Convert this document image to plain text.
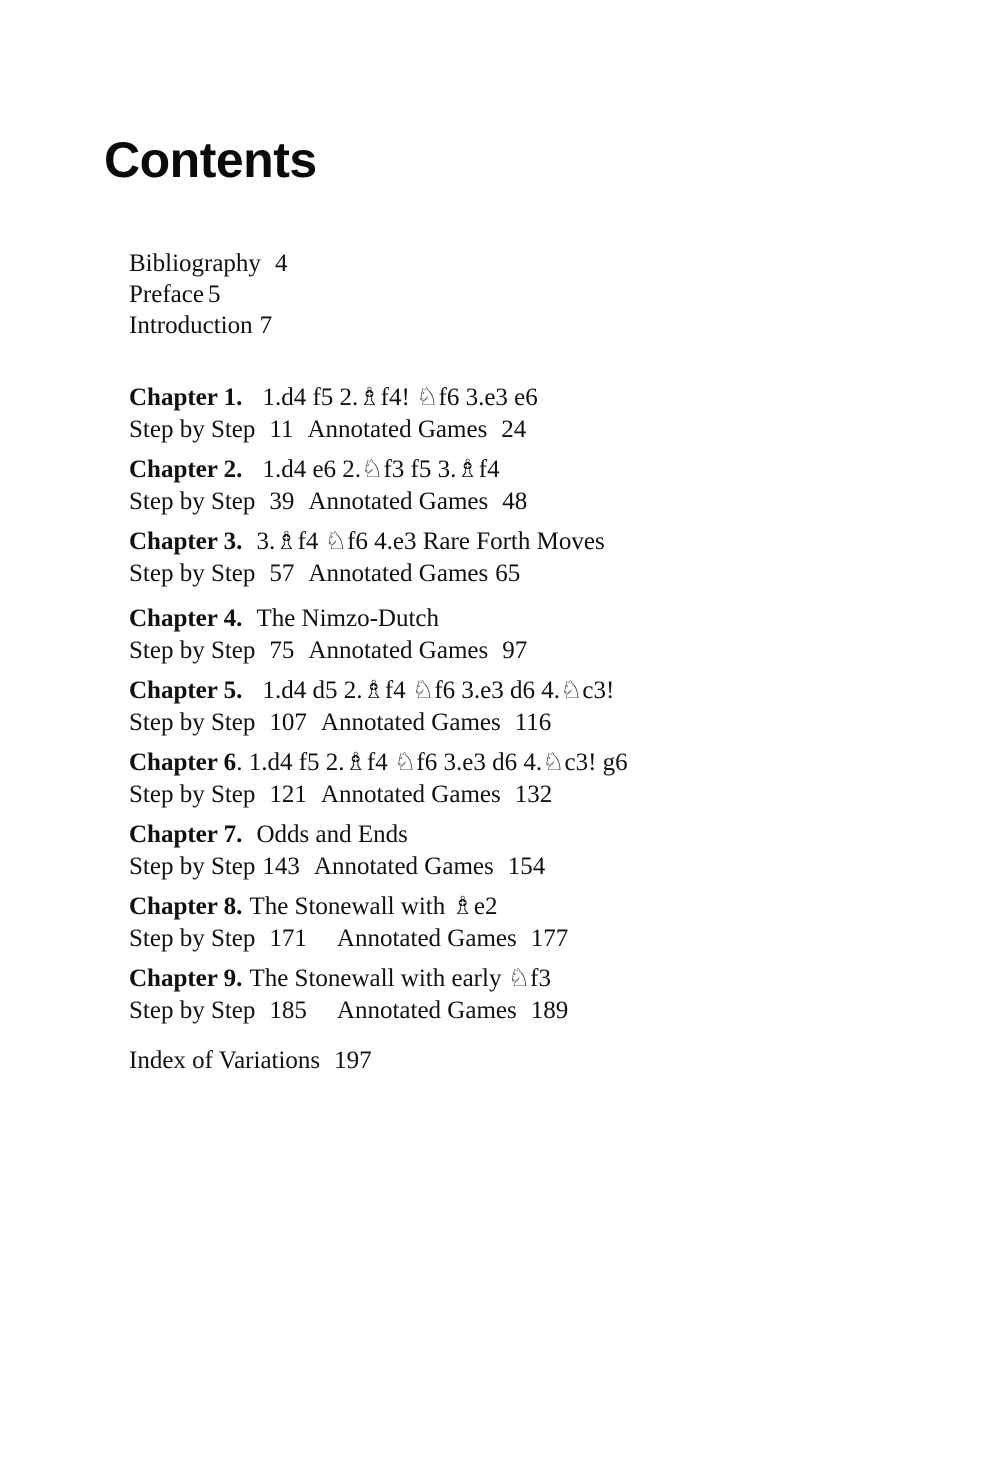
Contents

Bibliography 4

Preface 5

Introduction 7

Chapter 1. 1.d4 f5 2.♗f4! ♘f6 3.e3 e6

Step by Step 11 Annotated Games 24

Chapter 2. 1.d4 e6 2.♘f3 f5 3.♗f4

Step by Step 39 Annotated Games 48

Chapter 3. 3.♗f4 ♘f6 4.e3 Rare Forth Moves

Step by Step 57 Annotated Games 65

Chapter 4. The Nimzo-Dutch

Step by Step 75 Annotated Games 97

Chapter 5. 1.d4 d5 2.♗f4 ♘f6 3.e3 d6 4.♘c3!

Step by Step 107 Annotated Games 116

Chapter 6. 1.d4 f5 2.♗f4 ♘f6 3.e3 d6 4.♘c3! g6

Step by Step 121 Annotated Games 132

Chapter 7. Odds and Ends

Step by Step 143 Annotated Games 154

Chapter 8. The Stonewall with ♗e2

Step by Step 171 Annotated Games 177

Chapter 9. The Stonewall with early ♘f3

Step by Step 185 Annotated Games 189

Index of Variations 197
